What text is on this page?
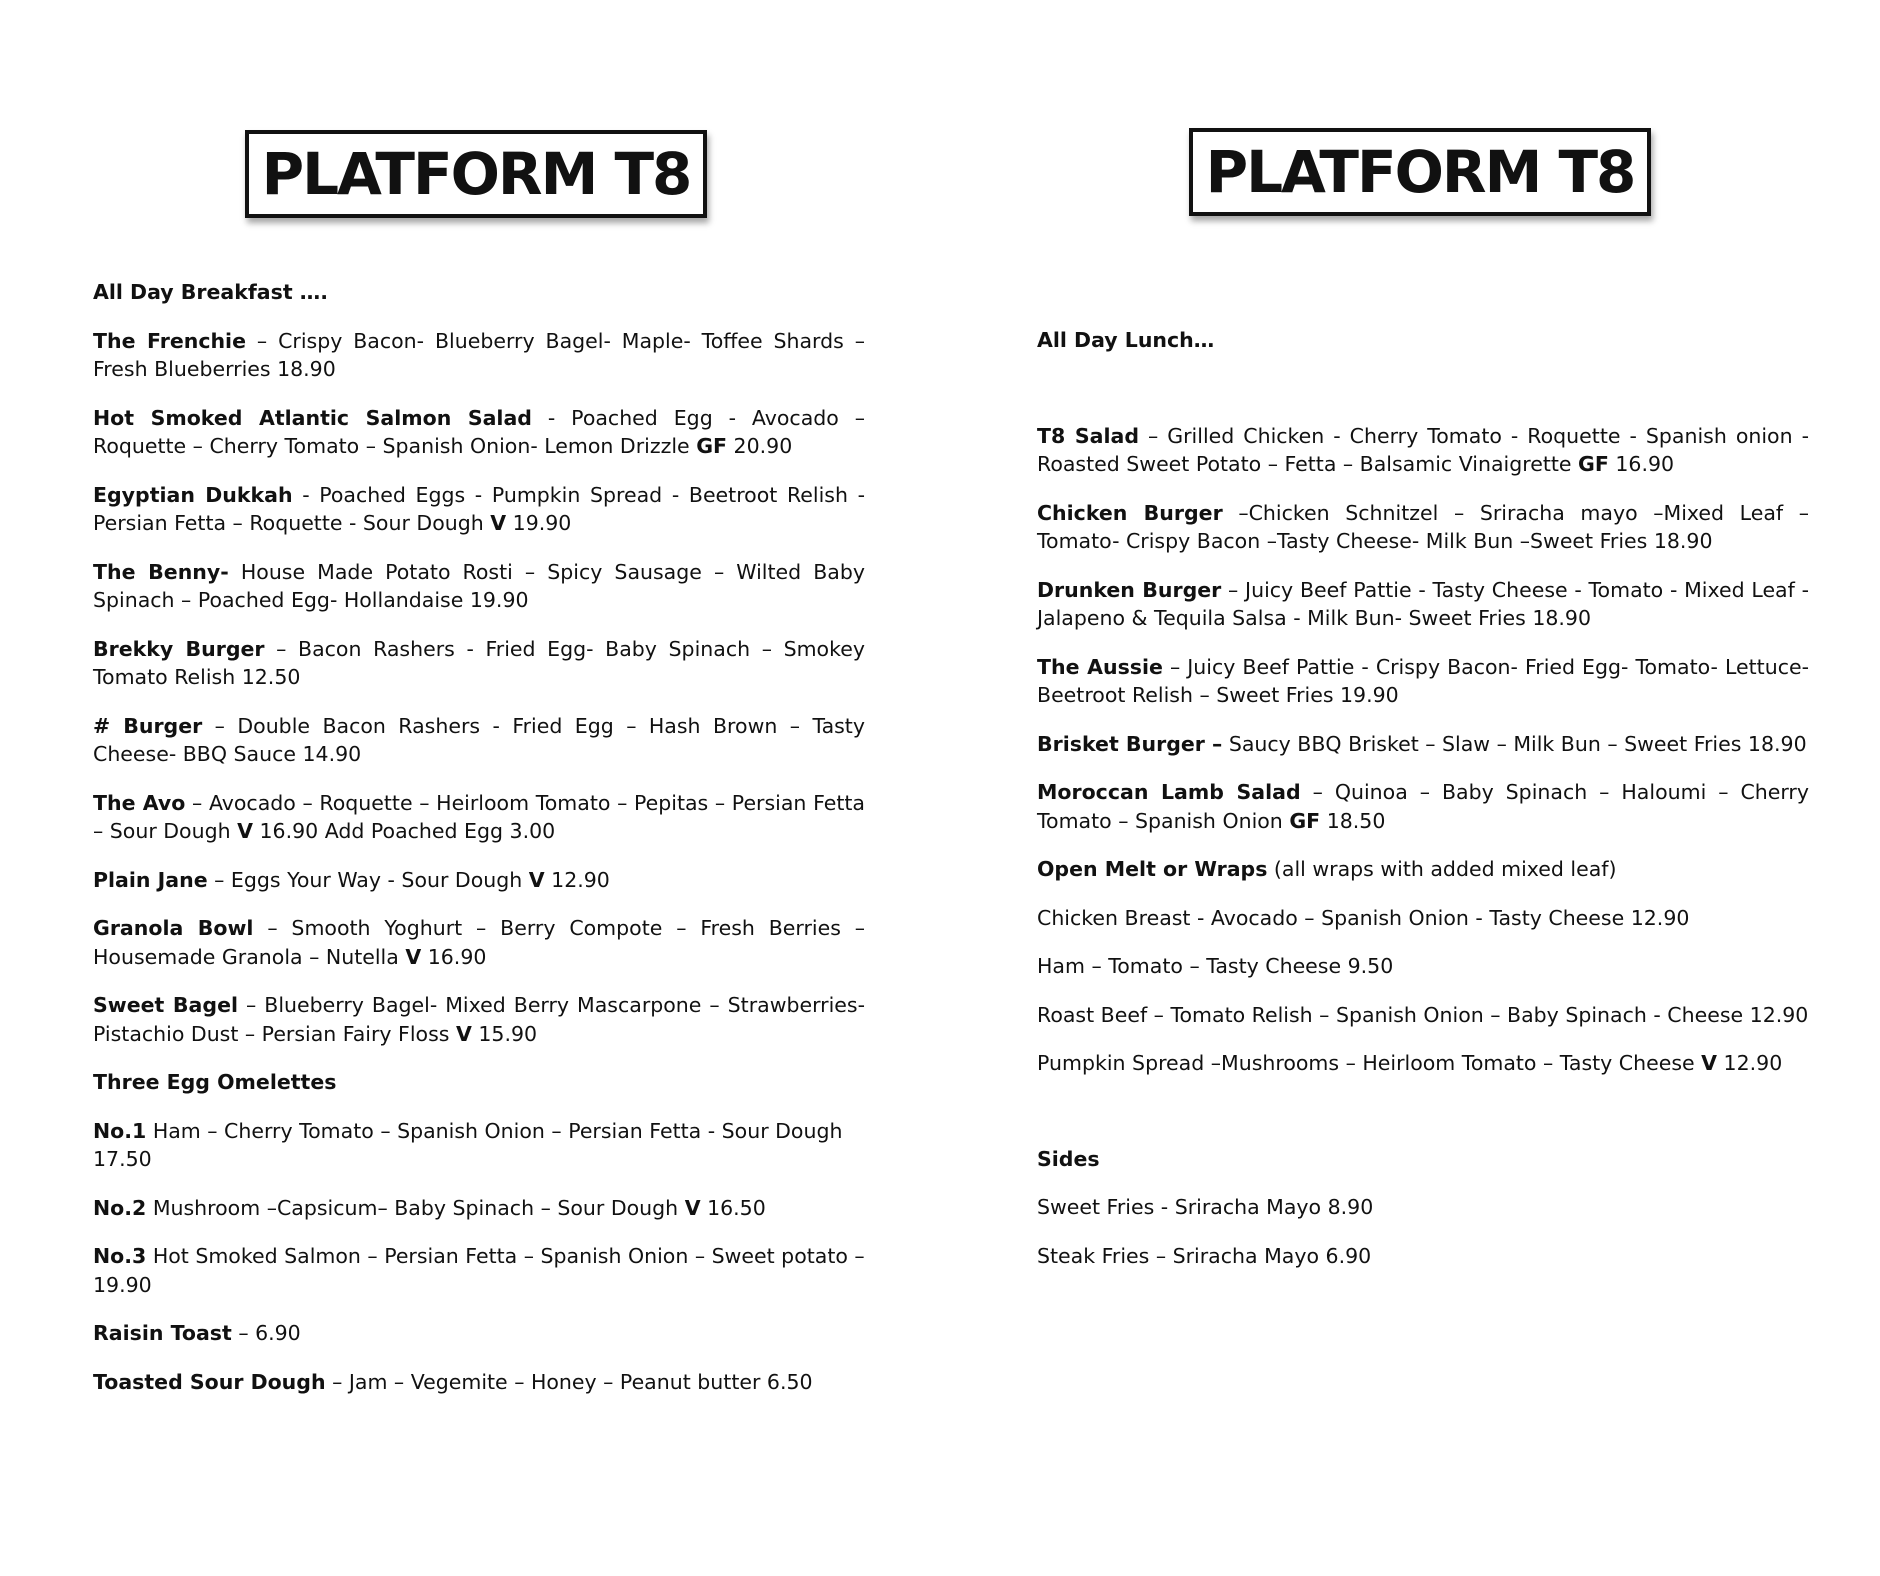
PLATFORM T8

All Day Breakfast ….

The Frenchie – Crispy Bacon- Blueberry Bagel- Maple- Toffee Shards – Fresh Blueberries 18.90

Hot Smoked Atlantic Salmon Salad - Poached Egg - Avocado – Roquette – Cherry Tomato – Spanish Onion- Lemon Drizzle GF 20.90

Egyptian Dukkah - Poached Eggs - Pumpkin Spread - Beetroot Relish - Persian Fetta – Roquette - Sour Dough V 19.90

The Benny- House Made Potato Rosti – Spicy Sausage – Wilted Baby Spinach – Poached Egg- Hollandaise 19.90

Brekky Burger – Bacon Rashers - Fried Egg- Baby Spinach – Smokey Tomato Relish 12.50

# Burger – Double Bacon Rashers - Fried Egg – Hash Brown – Tasty Cheese- BBQ Sauce 14.90

The Avo – Avocado – Roquette – Heirloom Tomato – Pepitas – Persian Fetta – Sour Dough V 16.90 Add Poached Egg 3.00

Plain Jane – Eggs Your Way - Sour Dough V 12.90

Granola Bowl – Smooth Yoghurt – Berry Compote – Fresh Berries – Housemade Granola – Nutella V 16.90

Sweet Bagel – Blueberry Bagel- Mixed Berry Mascarpone – Strawberries- Pistachio Dust – Persian Fairy Floss V 15.90

Three Egg Omelettes

No.1 Ham – Cherry Tomato – Spanish Onion – Persian Fetta - Sour Dough 17.50

No.2 Mushroom –Capsicum– Baby Spinach – Sour Dough V 16.50

No.3 Hot Smoked Salmon – Persian Fetta – Spanish Onion – Sweet potato – 19.90

Raisin Toast – 6.90

Toasted Sour Dough – Jam – Vegemite – Honey – Peanut butter 6.50

PLATFORM T8

All Day Lunch…

T8 Salad – Grilled Chicken - Cherry Tomato - Roquette - Spanish onion - Roasted Sweet Potato – Fetta – Balsamic Vinaigrette GF 16.90

Chicken Burger –Chicken Schnitzel – Sriracha mayo –Mixed Leaf – Tomato- Crispy Bacon –Tasty Cheese- Milk Bun –Sweet Fries 18.90

Drunken Burger – Juicy Beef Pattie - Tasty Cheese - Tomato - Mixed Leaf - Jalapeno & Tequila Salsa - Milk Bun- Sweet Fries 18.90

The Aussie – Juicy Beef Pattie - Crispy Bacon- Fried Egg- Tomato- Lettuce- Beetroot Relish – Sweet Fries 19.90

Brisket Burger – Saucy BBQ Brisket – Slaw – Milk Bun – Sweet Fries 18.90

Moroccan Lamb Salad – Quinoa – Baby Spinach – Haloumi – Cherry Tomato – Spanish Onion GF 18.50

Open Melt or Wraps (all wraps with added mixed leaf)

Chicken Breast - Avocado – Spanish Onion - Tasty Cheese 12.90

Ham – Tomato – Tasty Cheese 9.50

Roast Beef – Tomato Relish – Spanish Onion – Baby Spinach - Cheese 12.90

Pumpkin Spread –Mushrooms – Heirloom Tomato – Tasty Cheese V 12.90

Sides

Sweet Fries - Sriracha Mayo 8.90

Steak Fries – Sriracha Mayo 6.90
